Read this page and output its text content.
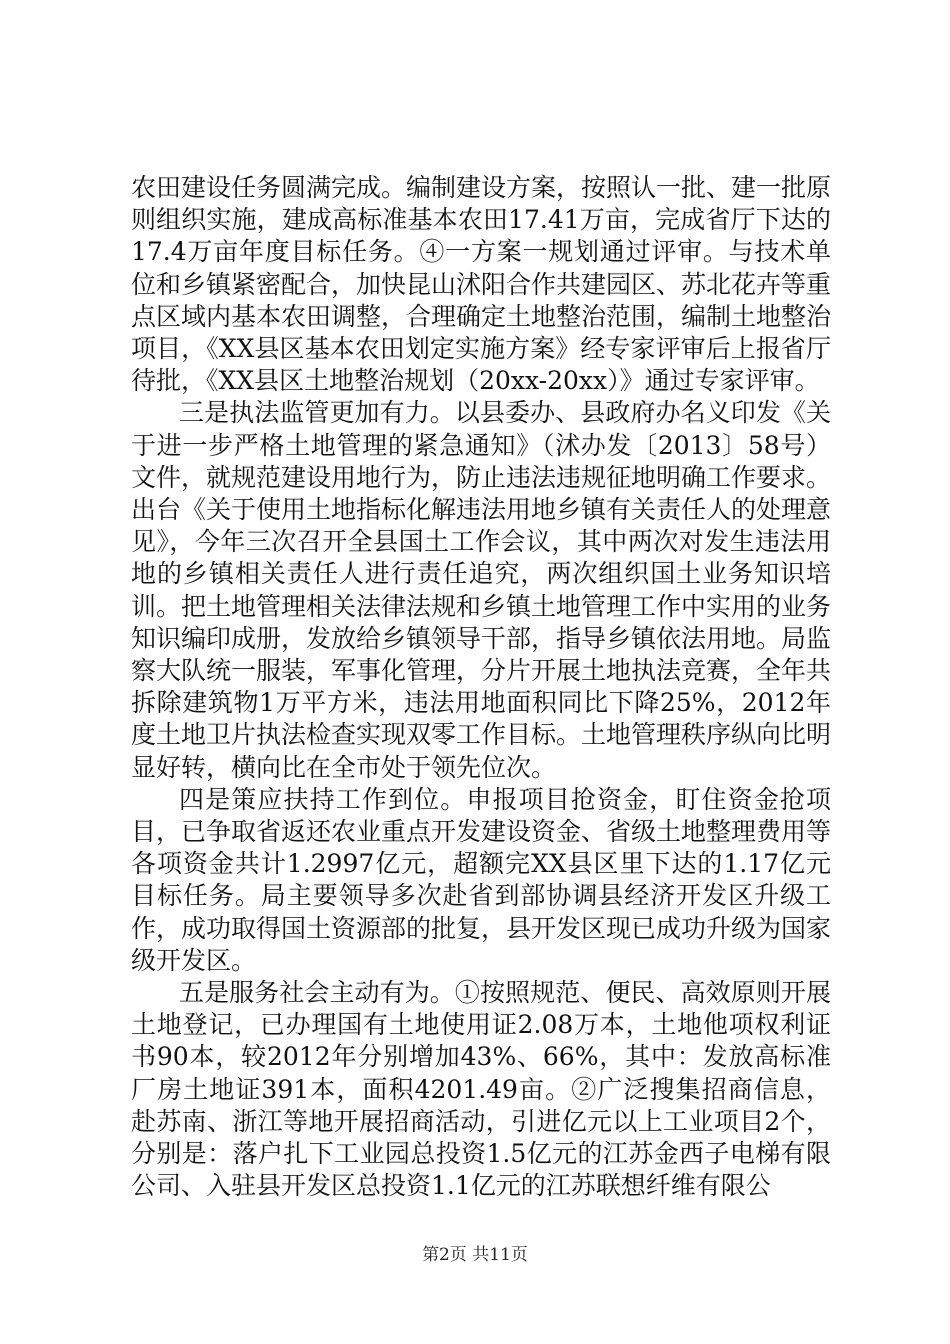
农田建设任务圆满完成。编制建设方案，按照认一批、建一批原则组织实施，建成高标准基本农田17.41万亩，完成省厅下达的17.4万亩年度目标任务。④一方案一规划通过评审。与技术单位和乡镇紧密配合，加快昆山沭阳合作共建园区、苏北花卉等重点区域内基本农田调整，合理确定土地整治范围，编制土地整治项目，《XX县区基本农田划定实施方案》经专家评审后上报省厅待批，《XX县区土地整治规划（20xx-20xx）》通过专家评审。

三是执法监管更加有力。以县委办、县政府办名义印发《关于进一步严格土地管理的紧急通知》（沭办发〔2013〕58号）文件，就规范建设用地行为，防止违法违规征地明确工作要求。出台《关于使用土地指标化解违法用地乡镇有关责任人的处理意见》，今年三次召开全县国土工作会议，其中两次对发生违法用地的乡镇相关责任人进行责任追究，两次组织国土业务知识培训。把土地管理相关法律法规和乡镇土地管理工作中实用的业务知识编印成册，发放给乡镇领导干部，指导乡镇依法用地。局监察大队统一服装，军事化管理，分片开展土地执法竞赛，全年共拆除建筑物1万平方米，违法用地面积同比下降25%，2012年度土地卫片执法检查实现双零工作目标。土地管理秩序纵向比明显好转，横向比在全市处于领先位次。

四是策应扶持工作到位。申报项目抢资金，盯住资金抢项目，已争取省返还农业重点开发建设资金、省级土地整理费用等各项资金共计1.2997亿元，超额完XX县区里下达的1.17亿元目标任务。局主要领导多次赴省到部协调县经济开发区升级工作，成功取得国土资源部的批复，县开发区现已成功升级为国家级开发区。

五是服务社会主动有为。①按照规范、便民、高效原则开展土地登记，已办理国有土地使用证2.08万本，土地他项权利证书90本，较2012年分别增加43%、66%，其中：发放高标准厂房土地证391本，面积4201.49亩。②广泛搜集招商信息，赴苏南、浙江等地开展招商活动，引进亿元以上工业项目2个，分别是：落户扎下工业园总投资1.5亿元的江苏金西子电梯有限公司、入驻县开发区总投资1.1亿元的江苏联想纤维有限公

第2页 共11页
